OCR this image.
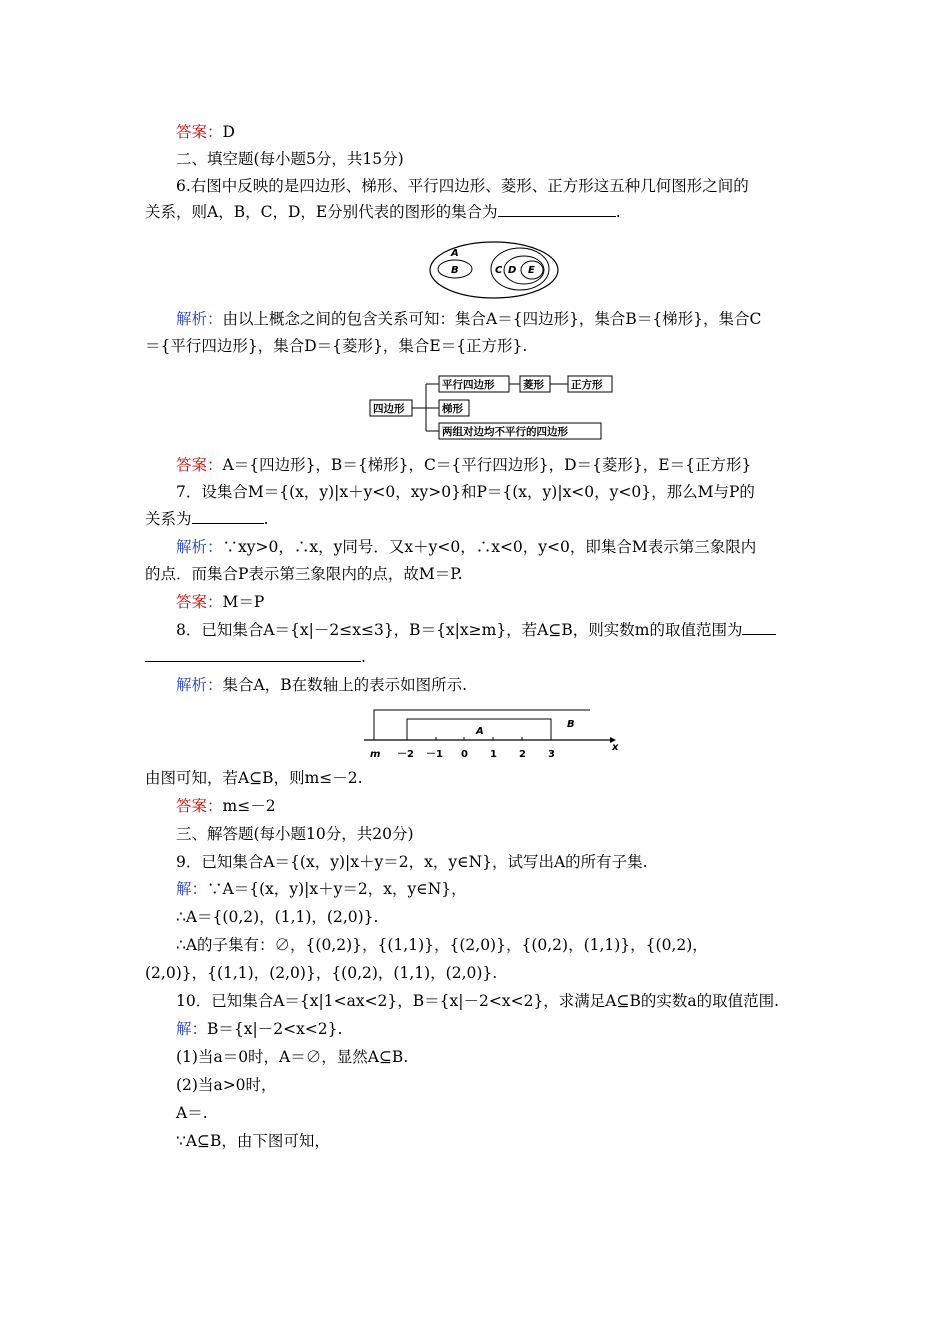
答案：D
二、填空题(每小题5分，共15分)
6.右图中反映的是四边形、梯形、平行四边形、菱形、正方形这五种几何图形之间的
关系，则A，B，C，D，E分别代表的图形的集合为	.
A
B	C D E
解析：由以上概念之间的包含关系可知：集合A＝{四边形}，集合B＝{梯形}，集合C
＝{平行四边形}，集合D＝{菱形}，集合E＝{正方形}.
四边形
平行四边形	菱形	正方形
梯形
两组对边均不平行的四边形
答案：A＝{四边形}，B＝{梯形}，C＝{平行四边形}，D＝{菱形}，E＝{正方形}
7．设集合M＝{(x，y)|x＋y<0，xy>0}和P＝{(x，y)|x<0，y<0}，那么M与P的
关系为	.
解析：∵xy>0，∴x，y同号．又x＋y<0，∴x<0，y<0，即集合M表示第三象限内
的点．而集合P表示第三象限内的点，故M＝P.
答案：M＝P
8．已知集合A＝{x|－2≤x≤3}，B＝{x|x≥m}，若A⊆B，则实数m的取值范围为
.
解析：集合A，B在数轴上的表示如图所示.
A
B
m －2 －1 0 1 2 3
x
由图可知，若A⊆B，则m≤－2.
答案：m≤－2
三、解答题(每小题10分，共20分)
9．已知集合A＝{(x，y)|x＋y＝2，x，y∈N}，试写出A的所有子集.
解：∵A＝{(x，y)|x＋y＝2，x，y∈N}，
∴A＝{(0,2)，(1,1)，(2,0)}.
∴A的子集有：∅，{(0,2)}，{(1,1)}，{(2,0)}，{(0,2)，(1,1)}，{(0,2)，
(2,0)}，{(1,1)，(2,0)}，{(0,2)，(1,1)，(2,0)}.
10．已知集合A＝{x|1<ax<2}，B＝{x|－2<x<2}，求满足A⊆B的实数a的取值范围.
解：B＝{x|－2<x<2}.
(1)当a＝0时，A＝∅，显然A⊆B.
(2)当a>0时，
A＝.
∵A⊆B，由下图可知，
